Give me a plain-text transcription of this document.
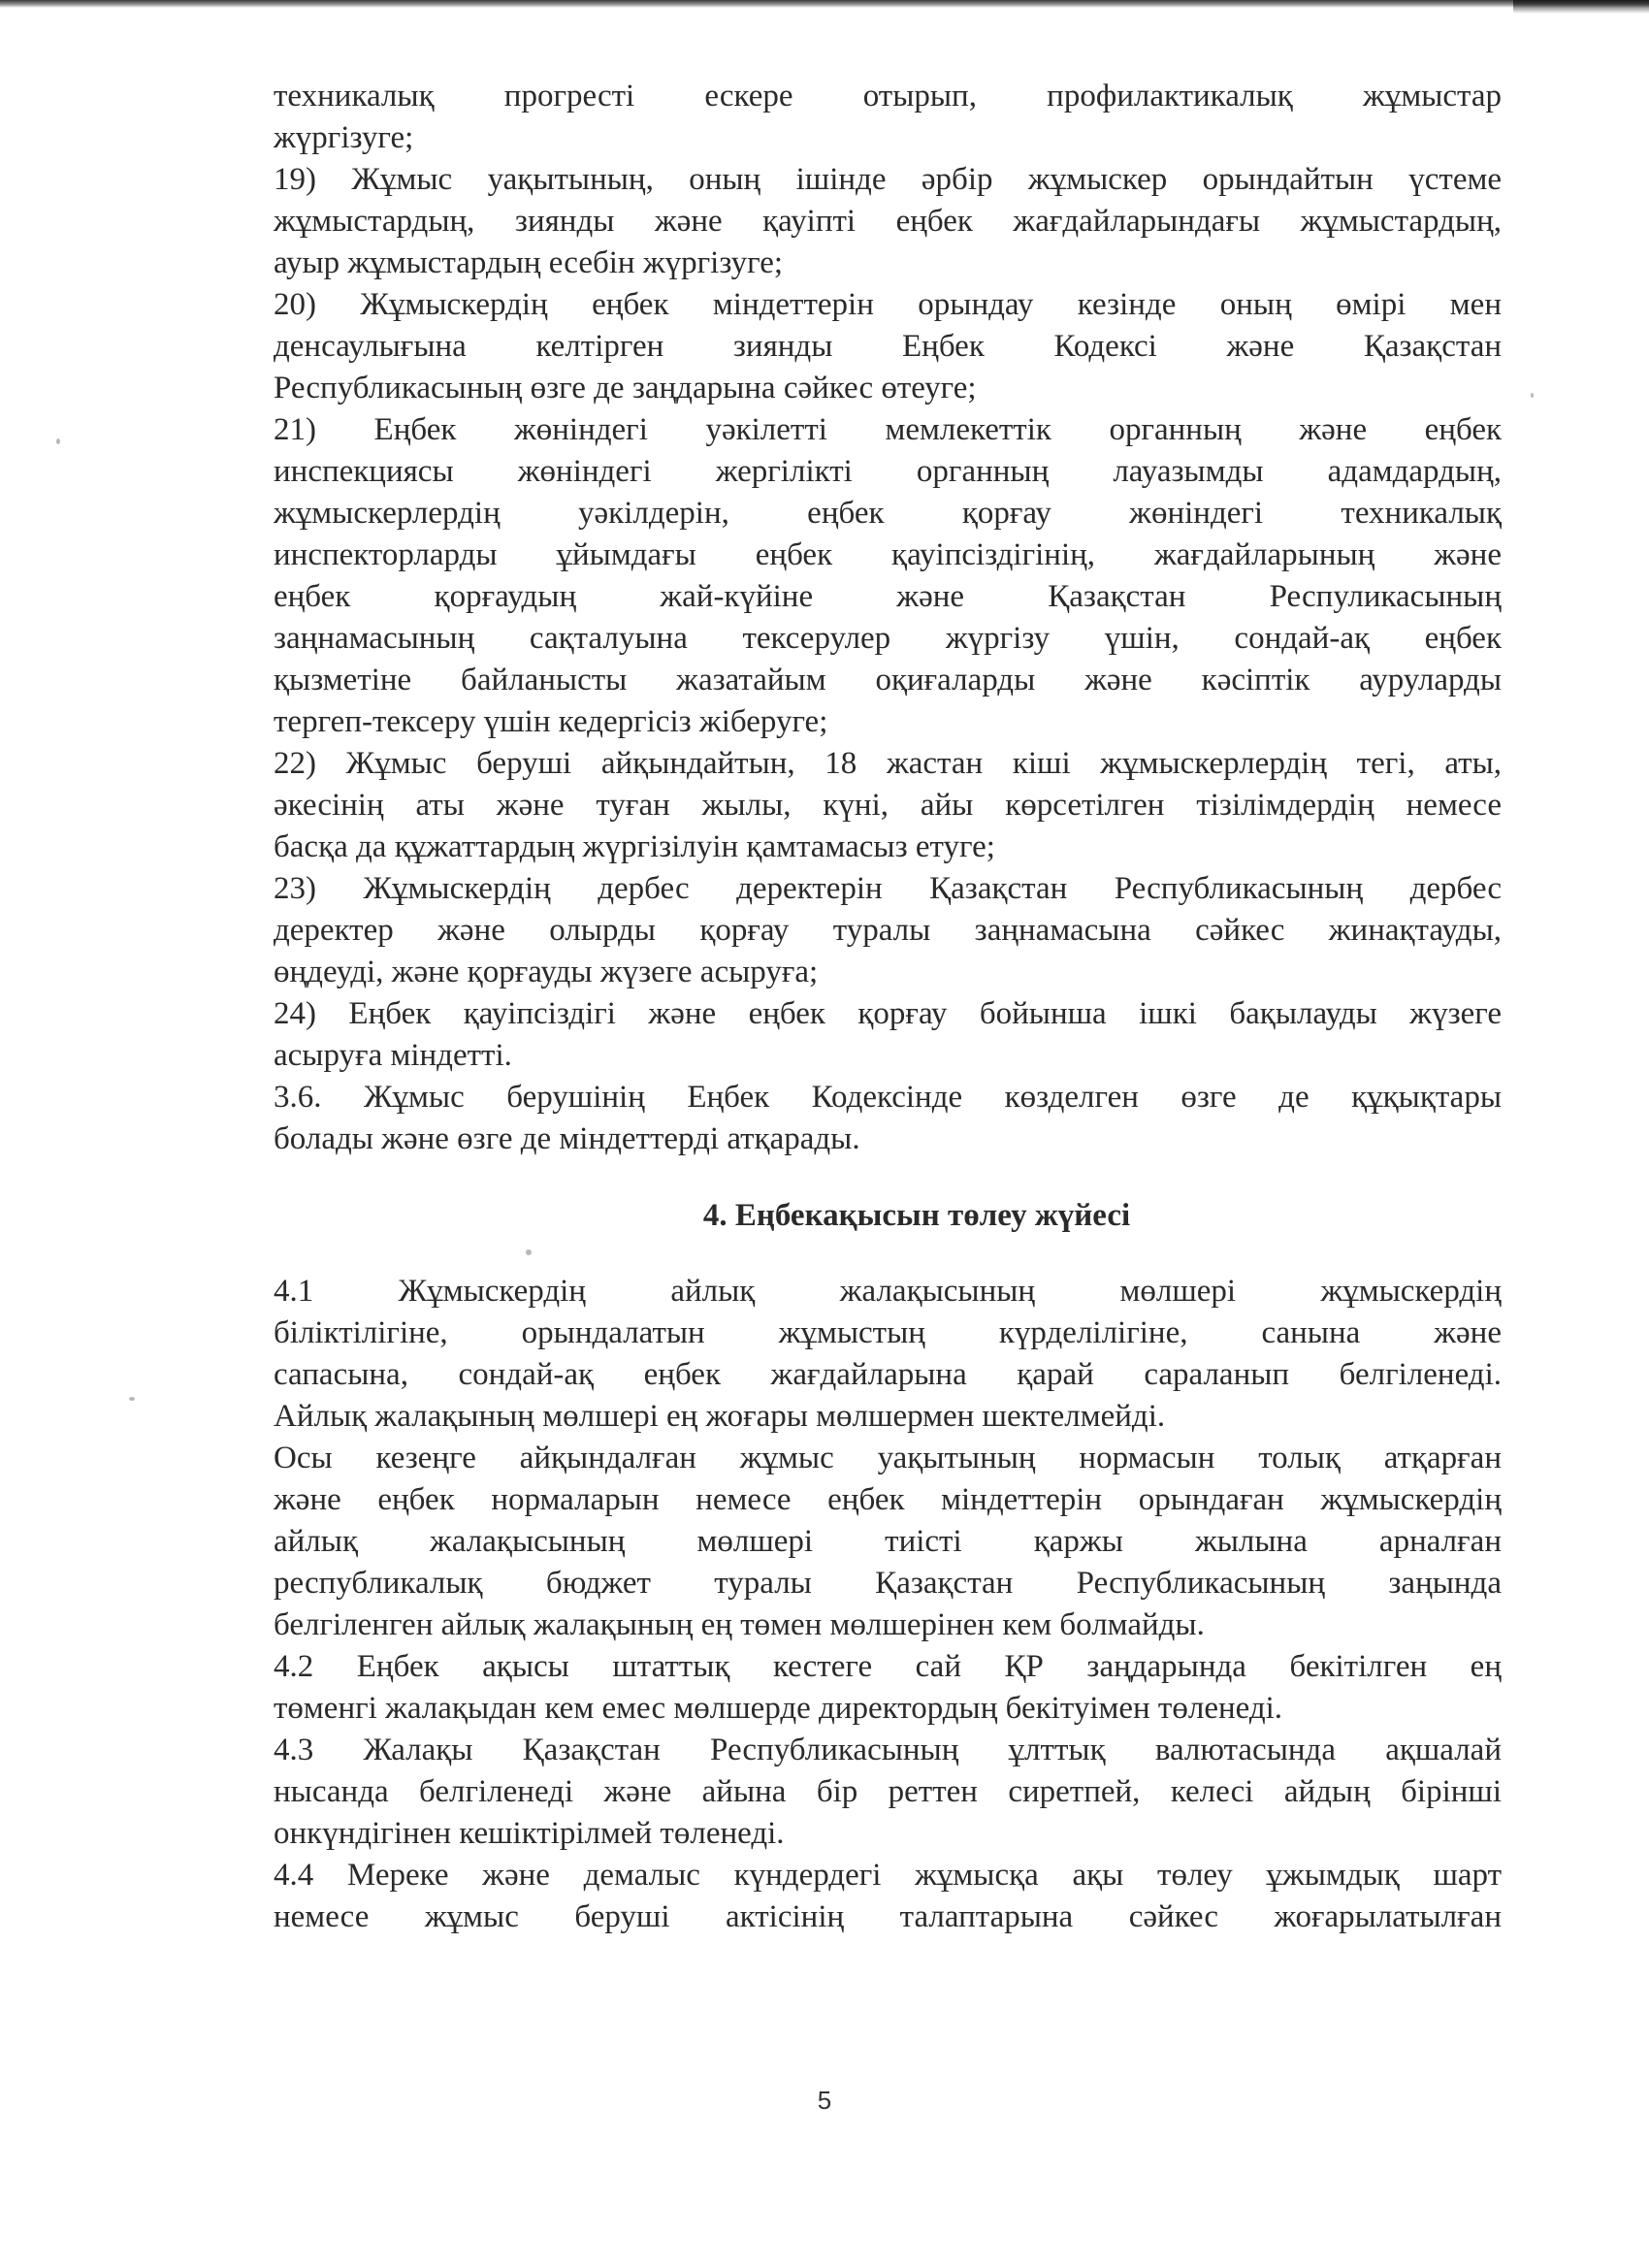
техникалық прогресті ескере отырып, профилактикалық жұмыстар
жүргізуге;
19) Жұмыс уақытының, оның ішінде әрбір жұмыскер орындайтын үстеме
жұмыстардың, зиянды және қауіпті еңбек жағдайларындағы жұмыстардың,
ауыр жұмыстардың есебін жүргізуге;
20) Жұмыскердің еңбек міндеттерін орындау кезінде оның өмірі мен
денсаулығына келтірген зиянды Еңбек Кодексі және Қазақстан
Республикасының өзге де заңдарына сәйкес өтеуге;
21) Еңбек жөніндегі уәкілетті мемлекеттік органның және еңбек
инспекциясы жөніндегі жергілікті органның лауазымды адамдардың,
жұмыскерлердің уәкілдерін, еңбек қорғау жөніндегі техникалық
инспекторларды ұйымдағы еңбек қауіпсіздігінің, жағдайларының және
еңбек қорғаудың жай-күйіне және Қазақстан Респуликасының
заңнамасының сақталуына тексерулер жүргізу үшін, сондай-ақ еңбек
қызметіне байланысты жазатайым оқиғаларды және кәсіптік ауруларды
тергеп-тексеру үшін кедергісіз жіберуге;
22) Жұмыс беруші айқындайтын, 18 жастан кіші жұмыскерлердің тегі, аты,
әкесінің аты және туған жылы, күні, айы көрсетілген тізілімдердің немесе
басқа да құжаттардың жүргізілуін қамтамасыз етуге;
23) Жұмыскердің дербес деректерін Қазақстан Республикасының дербес
деректер және олырды қорғау туралы заңнамасына сәйкес жинақтауды,
өңдеуді, және қорғауды жүзеге асыруға;
24) Еңбек қауіпсіздігі және еңбек қорғау бойынша ішкі бақылауды жүзеге
асыруға міндетті.
3.6. Жұмыс берушінің Еңбек Кодексінде көзделген өзге де құқықтары
болады және өзге де міндеттерді атқарады.
4. Еңбекақысын төлеу жүйесі
4.1 Жұмыскердің айлық жалақысының мөлшері жұмыскердің
біліктілігіне, орындалатын жұмыстың күрделілігіне, санына және
сапасына, сондай-ақ еңбек жағдайларына қарай сараланып белгіленеді.
Айлық жалақының мөлшері ең жоғары мөлшермен шектелмейді.
Осы кезеңге айқындалған жұмыс уақытының нормасын толық атқарған
және еңбек нормаларын немесе еңбек міндеттерін орындаған жұмыскердің
айлық жалақысының мөлшері тиісті қаржы жылына арналған
республикалық бюджет туралы Қазақстан Республикасының заңында
белгіленген айлық жалақының ең төмен мөлшерінен кем болмайды.
4.2 Еңбек ақысы штаттық кестеге сай ҚР заңдарында бекітілген ең
төменгі жалақыдан кем емес мөлшерде директордың бекітуімен төленеді.
4.3 Жалақы Қазақстан Республикасының ұлттық валютасында ақшалай
нысанда белгіленеді және айына бір реттен сиретпей, келесі айдың бірінші
онкүндігінен кешіктірілмей төленеді.
4.4 Мереке және демалыс күндердегі жұмысқа ақы төлеу ұжымдық шарт
немесе жұмыс беруші актісінің талаптарына сәйкес жоғарылатылған
5
